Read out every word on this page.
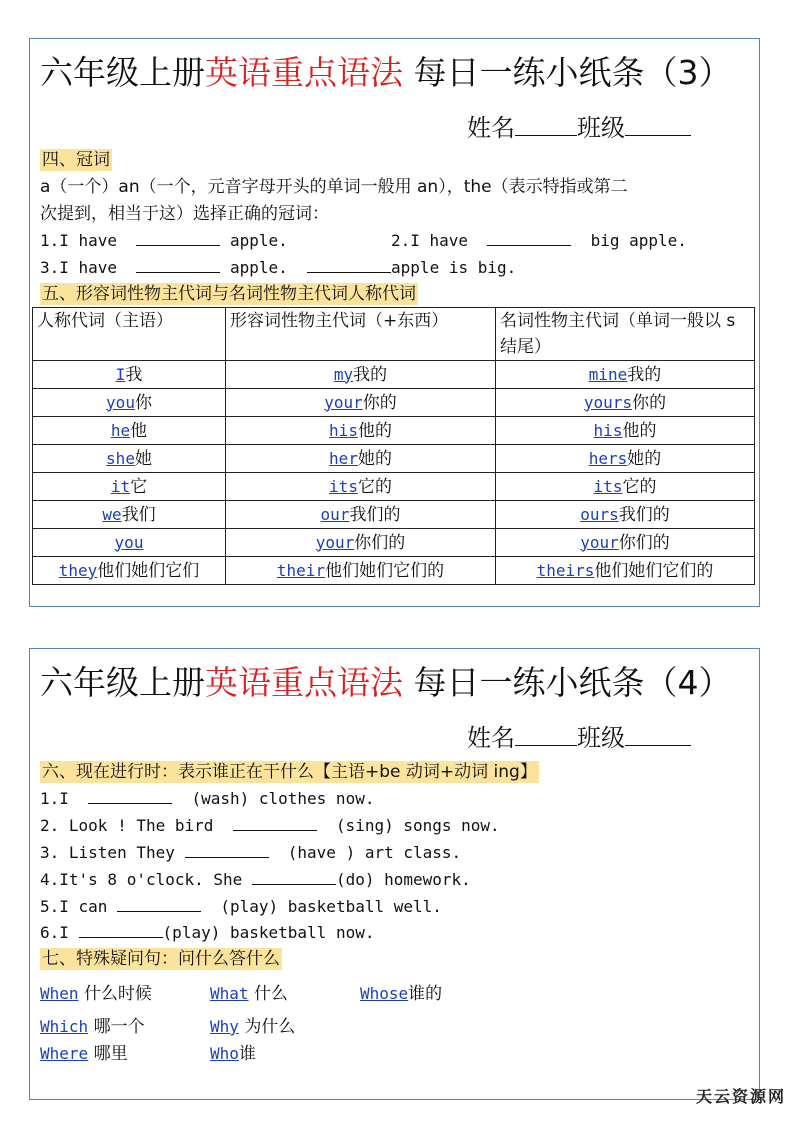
六年级上册英语重点语法 每日一练小纸条（3）
姓名	班级
四、冠词
a（一个）an（一个，元音字母开头的单词一般用 an），the（表示特指或第二
次提到，相当于这）选择正确的冠词：
1.I have	apple.	2.I have	big apple.
3.I have	apple.	apple is big.
五、形容词性物主代词与名词性物主代词人称代词
人称代词（主语）	形容词性物主代词（+东西）	名词性物主代词（单词一般以 s 结尾）
I我	my我的	mine我的
you你	your你的	yours你的
he他	his他的	his他的
she她	her她的	hers她的
it它	its它的	its它的
we我们	our我们的	ours我们的
you	your你们的	your你们的
they他们她们它们	their他们她们它们的	theirs他们她们它们的
六年级上册英语重点语法 每日一练小纸条（4）
姓名	班级
六、现在进行时：表示谁正在干什么【主语+be 动词+动词 ing】
1.I	(wash) clothes now.
2. Look ! The bird	(sing) songs now.
3. Listen They	(have ) art class.
4.It's 8 o'clock. She	(do) homework.
5.I can	(play) basketball well.
6.I	(play) basketball now.
七、特殊疑问句：问什么答什么
When 什么时候	What 什么	Whose谁的
Which 哪一个	Why 为什么
Where 哪里	Who谁
天云资源网
